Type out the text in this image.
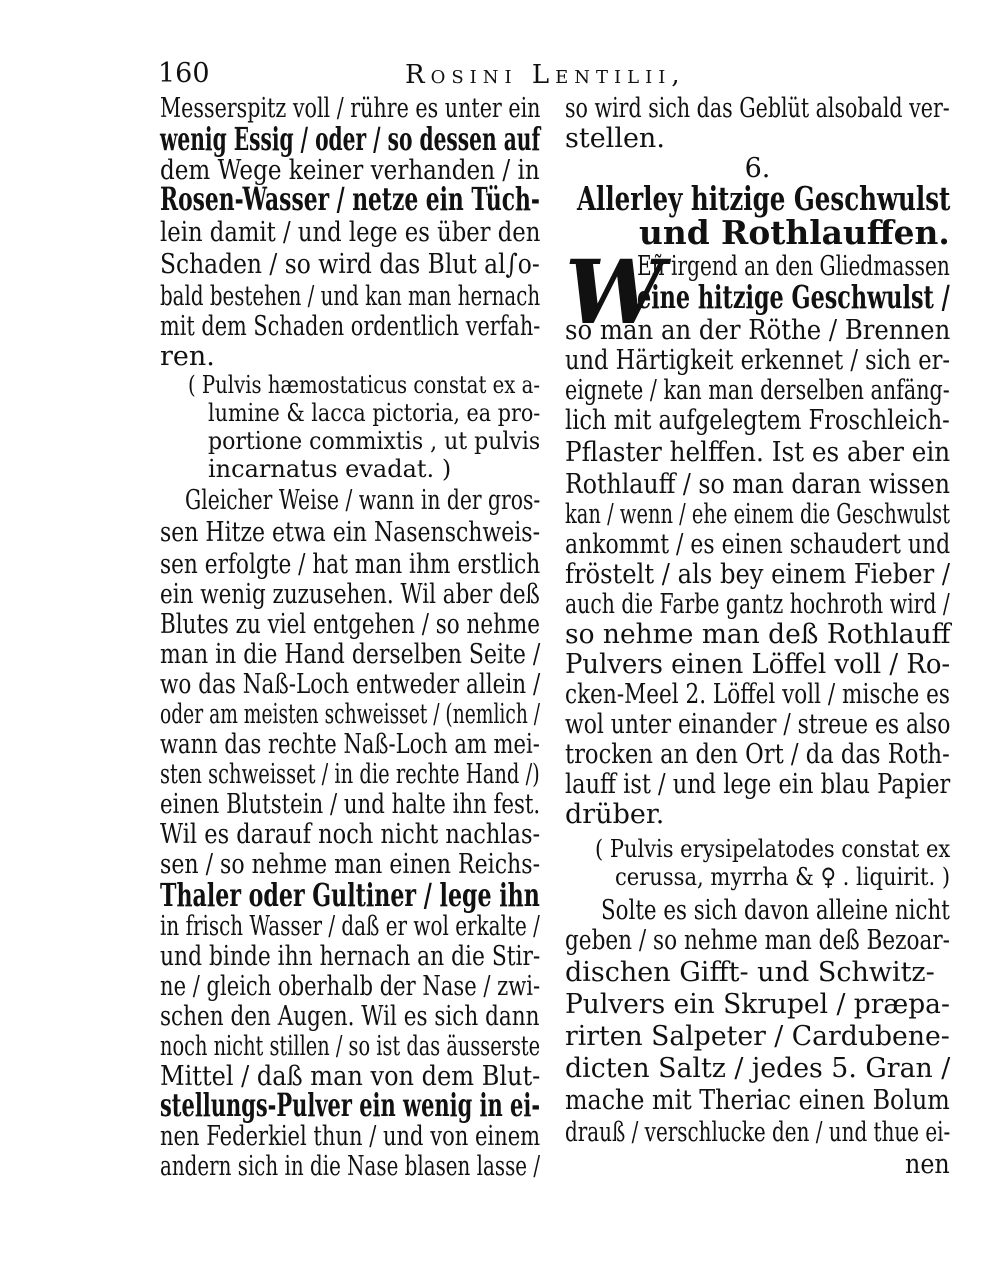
160	Rosini Lentilii,
Messerspitz voll / rühre es unter ein
wenig Essig / oder / so dessen auf
dem Wege keiner verhanden / in
Rosen-Wasser / netze ein Tüch-
lein damit / und lege es über den
Schaden / so wird das Blut al∫o-
bald bestehen / und kan man hernach
mit dem Schaden ordentlich verfah-
ren.
( Pulvis hæmostaticus constat ex a-
lumine & lacca pictoria, ea pro-
portione commixtis , ut pulvis
incarnatus evadat. )
Gleicher Weise / wann in der gros-
sen Hitze etwa ein Nasenschweis-
sen erfolgte / hat man ihm erstlich
ein wenig zuzusehen. Wil aber deß
Blutes zu viel entgehen / so nehme
man in die Hand derselben Seite /
wo das Naß-Loch entweder allein /
oder am meisten schweisset / (nemlich /
wann das rechte Naß-Loch am mei-
sten schweisset / in die rechte Hand /)
einen Blutstein / und halte ihn fest.
Wil es darauf noch nicht nachlas-
sen / so nehme man einen Reichs-
Thaler oder Gultiner / lege ihn
in frisch Wasser / daß er wol erkalte /
und binde ihn hernach an die Stir-
ne / gleich oberhalb der Nase / zwi-
schen den Augen. Wil es sich dann
noch nicht stillen / so ist das äusserste
Mittel / daß man von dem Blut-
stellungs-Pulver ein wenig in ei-
nen Federkiel thun / und von einem
andern sich in die Nase blasen lasse /
so wird sich das Geblüt alsobald ver-
stellen.
6.
Allerley hitzige Geschwulst
und Rothlauffen.
W
Eñ irgend an den Gliedmassen
eine hitzige Geschwulst /
so man an der Röthe / Brennen
und Härtigkeit erkennet / sich er-
eignete / kan man derselben anfäng-
lich mit aufgelegtem Froschleich-
Pflaster helffen. Ist es aber ein
Rothlauff / so man daran wissen
kan / wenn / ehe einem die Geschwulst
ankommt / es einen schaudert und
fröstelt / als bey einem Fieber /
auch die Farbe gantz hochroth wird /
so nehme man deß Rothlauff
Pulvers einen Löffel voll / Ro-
cken-Meel 2. Löffel voll / mische es
wol unter einander / streue es also
trocken an den Ort / da das Roth-
lauff ist / und lege ein blau Papier
drüber.
( Pulvis erysipelatodes constat ex
cerussa, myrrha & ♀ . liquirit. )
Solte es sich davon alleine nicht
geben / so nehme man deß Bezoar-
dischen Gifft- und Schwitz-
Pulvers ein Skrupel / præpa-
rirten Salpeter / Cardubene-
dicten Saltz / jedes 5. Gran /
mache mit Theriac einen Bolum
drauß / verschlucke den / und thue ei-
nen
